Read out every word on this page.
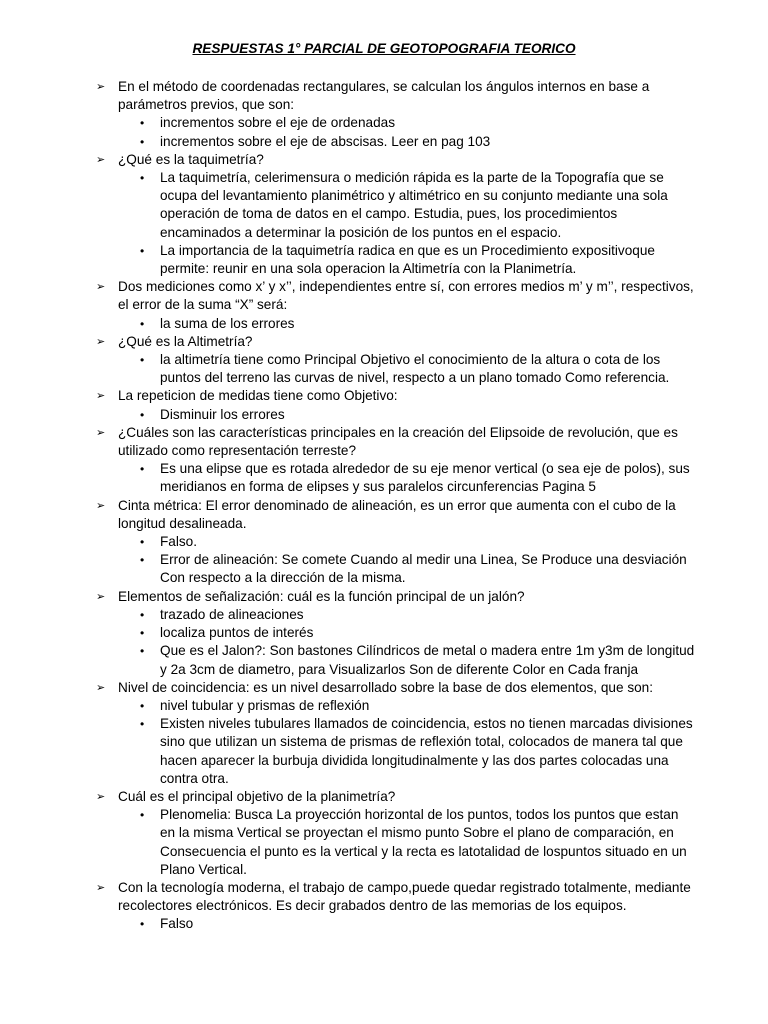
RESPUESTAS 1° PARCIAL DE GEOTOPOGRAFIA TEORICO
➢ En el método de coordenadas rectangulares, se calculan los ángulos internos en base a parámetros previos, que son:
• incrementos sobre el eje de ordenadas
• incrementos sobre el eje de abscisas. Leer en pag 103
➢ ¿Qué es la taquimetría?
• La taquimetría, celerimensura o medición rápida es la parte de la Topografía que se ocupa del levantamiento planimétrico y altimétrico en su conjunto mediante una sola operación de toma de datos en el campo. Estudia, pues, los procedimientos encaminados a determinar la posición de los puntos en el espacio.
• La importancia de la taquimetría radica en que es un Procedimiento expositivoque permite: reunir en una sola operacion la Altimetría con la Planimetría.
➢ Dos mediciones como x’ y x’’, independientes entre sí, con errores medios m’ y m’’, respectivos, el error de la suma “X” será:
• la suma de los errores
➢ ¿Qué es la Altimetría?
• la altimetría tiene como Principal Objetivo el conocimiento de la altura o cota de los puntos del terreno las curvas de nivel, respecto a un plano tomado Como referencia.
➢ La repeticion de medidas tiene como Objetivo:
• Disminuir los errores
➢ ¿Cuáles son las características principales en la creación del Elipsoide de revolución, que es utilizado como representación terreste?
• Es una elipse que es rotada alrededor de su eje menor vertical (o sea eje de polos), sus meridianos en forma de elipses y sus paralelos circunferencias Pagina 5
➢ Cinta métrica: El error denominado de alineación, es un error que aumenta con el cubo de la longitud desalineada.
• Falso.
• Error de alineación: Se comete Cuando al medir una Linea, Se Produce una desviación Con respecto a la dirección de la misma.
➢ Elementos de señalización: cuál es la función principal de un jalón?
• trazado de alineaciones
• localiza puntos de interés
• Que es el Jalon?: Son bastones Cilíndricos de metal o madera entre 1m y3m de longitud y 2a 3cm de diametro, para Visualizarlos Son de diferente Color en Cada franja
➢ Nivel de coincidencia: es un nivel desarrollado sobre la base de dos elementos, que son:
• nivel tubular y prismas de reflexión
• Existen niveles tubulares llamados de coincidencia, estos no tienen marcadas divisiones sino que utilizan un sistema de prismas de reflexión total, colocados de manera tal que hacen aparecer la burbuja dividida longitudinalmente y las dos partes colocadas una contra otra.
➢ Cuál es el principal objetivo de la planimetría?
• Plenomelia: Busca La proyección horizontal de los puntos, todos los puntos que estan en la misma Vertical se proyectan el mismo punto Sobre el plano de comparación, en Consecuencia el punto es la vertical y la recta es latotalidad de lospuntos situado en un Plano Vertical.
➢ Con la tecnología moderna, el trabajo de campo,puede quedar registrado totalmente, mediante recolectores electrónicos. Es decir grabados dentro de las memorias de los equipos.
• Falso
